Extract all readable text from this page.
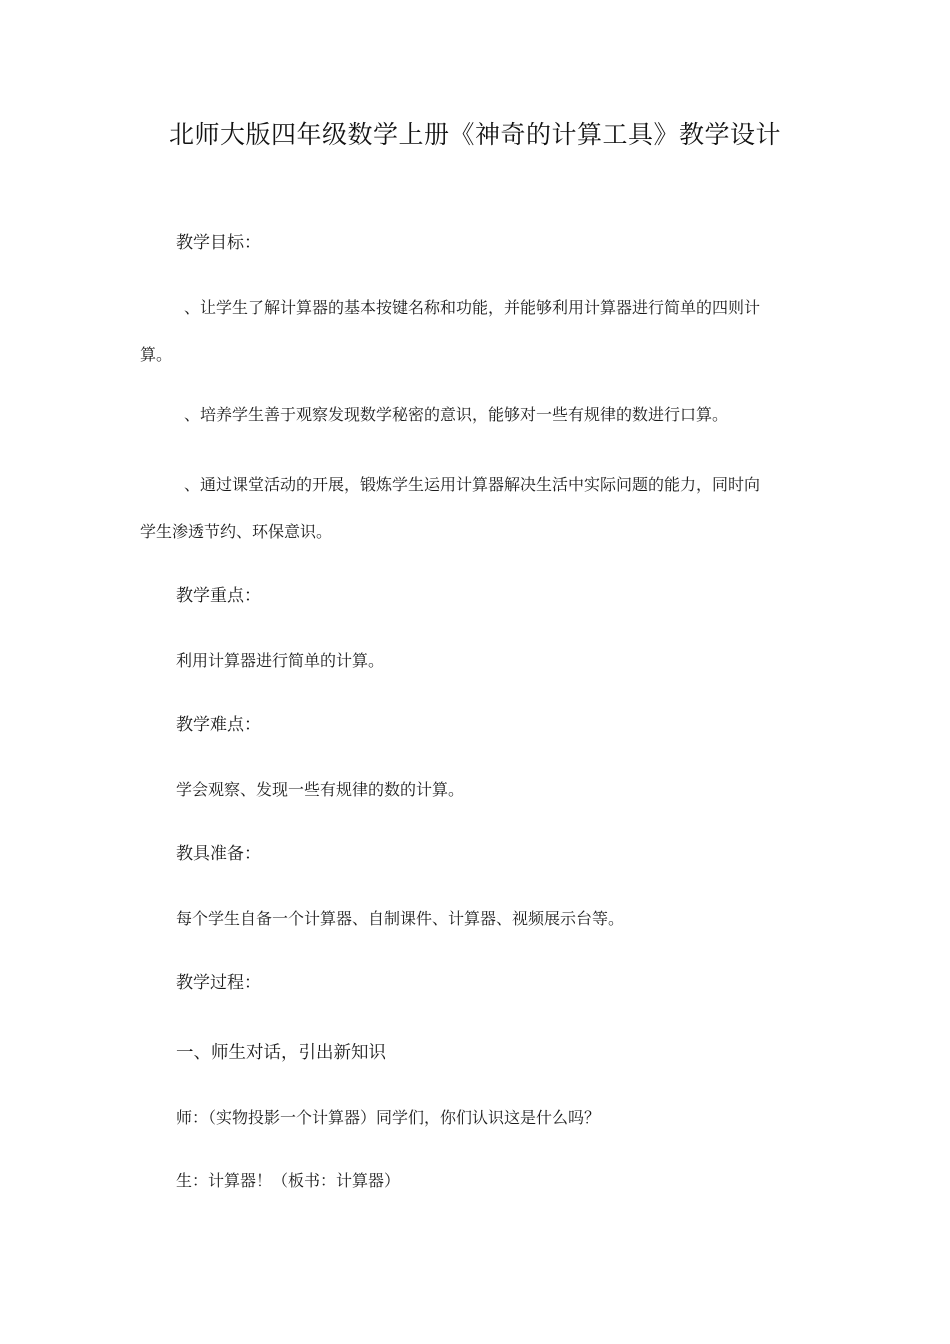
北师大版四年级数学上册《神奇的计算工具》教学设计
教学目标：
、让学生了解计算器的基本按键名称和功能，并能够利用计算器进行简单的四则计
算。
、培养学生善于观察发现数学秘密的意识，能够对一些有规律的数进行口算。
、通过课堂活动的开展，锻炼学生运用计算器解决生活中实际问题的能力，同时向
学生渗透节约、环保意识。
教学重点：
利用计算器进行简单的计算。
教学难点：
学会观察、发现一些有规律的数的计算。
教具准备：
每个学生自备一个计算器、自制课件、计算器、视频展示台等。
教学过程：
一、师生对话，引出新知识
师：（实物投影一个计算器）同学们，你们认识这是什么吗？
生：计算器！（板书：计算器）
